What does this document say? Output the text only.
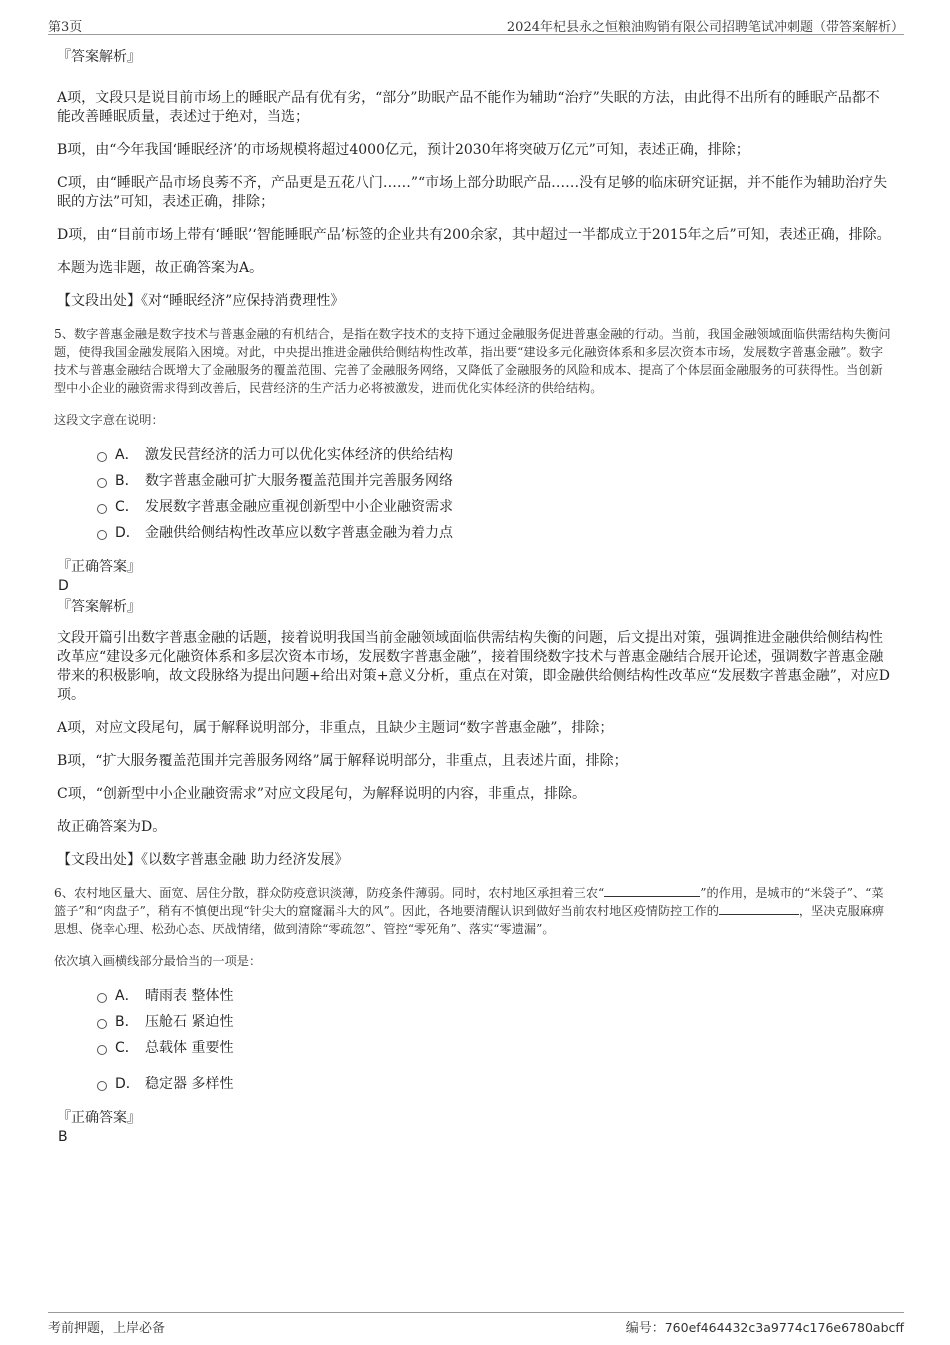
第3页	2024年杞县永之恒粮油购销有限公司招聘笔试冲刺题（带答案解析）

『答案解析』

A项，文段只是说目前市场上的睡眠产品有优有劣，“部分”助眠产品不能作为辅助“治疗”失眠的方法，由此得不出所有的睡眠产品都不能改善睡眠质量，表述过于绝对，当选；

B项，由“今年我国‘睡眠经济’的市场规模将超过4000亿元，预计2030年将突破万亿元”可知，表述正确，排除；

C项，由“睡眠产品市场良莠不齐，产品更是五花八门……”“市场上部分助眠产品……没有足够的临床研究证据，并不能作为辅助治疗失眠的方法”可知，表述正确，排除；

D项，由“目前市场上带有‘睡眠’‘智能睡眠产品’标签的企业共有200余家，其中超过一半都成立于2015年之后”可知，表述正确，排除。

本题为选非题，故正确答案为A。

【文段出处】《对“睡眠经济”应保持消费理性》

5、数字普惠金融是数字技术与普惠金融的有机结合，是指在数字技术的支持下通过金融服务促进普惠金融的行动。当前，我国金融领域面临供需结构失衡问题，使得我国金融发展陷入困境。对此，中央提出推进金融供给侧结构性改革，指出要“建设多元化融资体系和多层次资本市场，发展数字普惠金融”。数字技术与普惠金融结合既增大了金融服务的覆盖范围、完善了金融服务网络，又降低了金融服务的风险和成本、提高了个体层面金融服务的可获得性。当创新型中小企业的融资需求得到改善后，民营经济的生产活力必将被激发，进而优化实体经济的供给结构。

这段文字意在说明：

A． 激发民营经济的活力可以优化实体经济的供给结构
B． 数字普惠金融可扩大服务覆盖范围并完善服务网络
C． 发展数字普惠金融应重视创新型中小企业融资需求
D． 金融供给侧结构性改革应以数字普惠金融为着力点

『正确答案』

D

『答案解析』

文段开篇引出数字普惠金融的话题，接着说明我国当前金融领域面临供需结构失衡的问题，后文提出对策，强调推进金融供给侧结构性改革应“建设多元化融资体系和多层次资本市场，发展数字普惠金融”，接着围绕数字技术与普惠金融结合展开论述，强调数字普惠金融带来的积极影响，故文段脉络为提出问题+给出对策+意义分析，重点在对策，即金融供给侧结构性改革应“发展数字普惠金融”，对应D项。

A项，对应文段尾句，属于解释说明部分，非重点，且缺少主题词“数字普惠金融”，排除；

B项，“扩大服务覆盖范围并完善服务网络”属于解释说明部分，非重点，且表述片面，排除；

C项，“创新型中小企业融资需求”对应文段尾句，为解释说明的内容，非重点，排除。

故正确答案为D。

【文段出处】《以数字普惠金融 助力经济发展》

6、农村地区量大、面宽、居住分散，群众防疫意识淡薄，防疫条件薄弱。同时，农村地区承担着三农“	”的作用，是城市的“米袋子”、“菜篮子”和“肉盘子”，稍有不慎便出现“针尖大的窟窿漏斗大的风”。因此，各地要清醒认识到做好当前农村地区疫情防控工作的	，坚决克服麻痹思想、侥幸心理、松劲心态、厌战情绪，做到清除“零疏忽”、管控“零死角”、落实“零遗漏”。

依次填入画横线部分最恰当的一项是：

A． 晴雨表 整体性
B． 压舱石 紧迫性
C． 总载体 重要性
D． 稳定器 多样性

『正确答案』

B

考前押题，上岸必备	编号：760ef464432c3a9774c176e6780abcff
